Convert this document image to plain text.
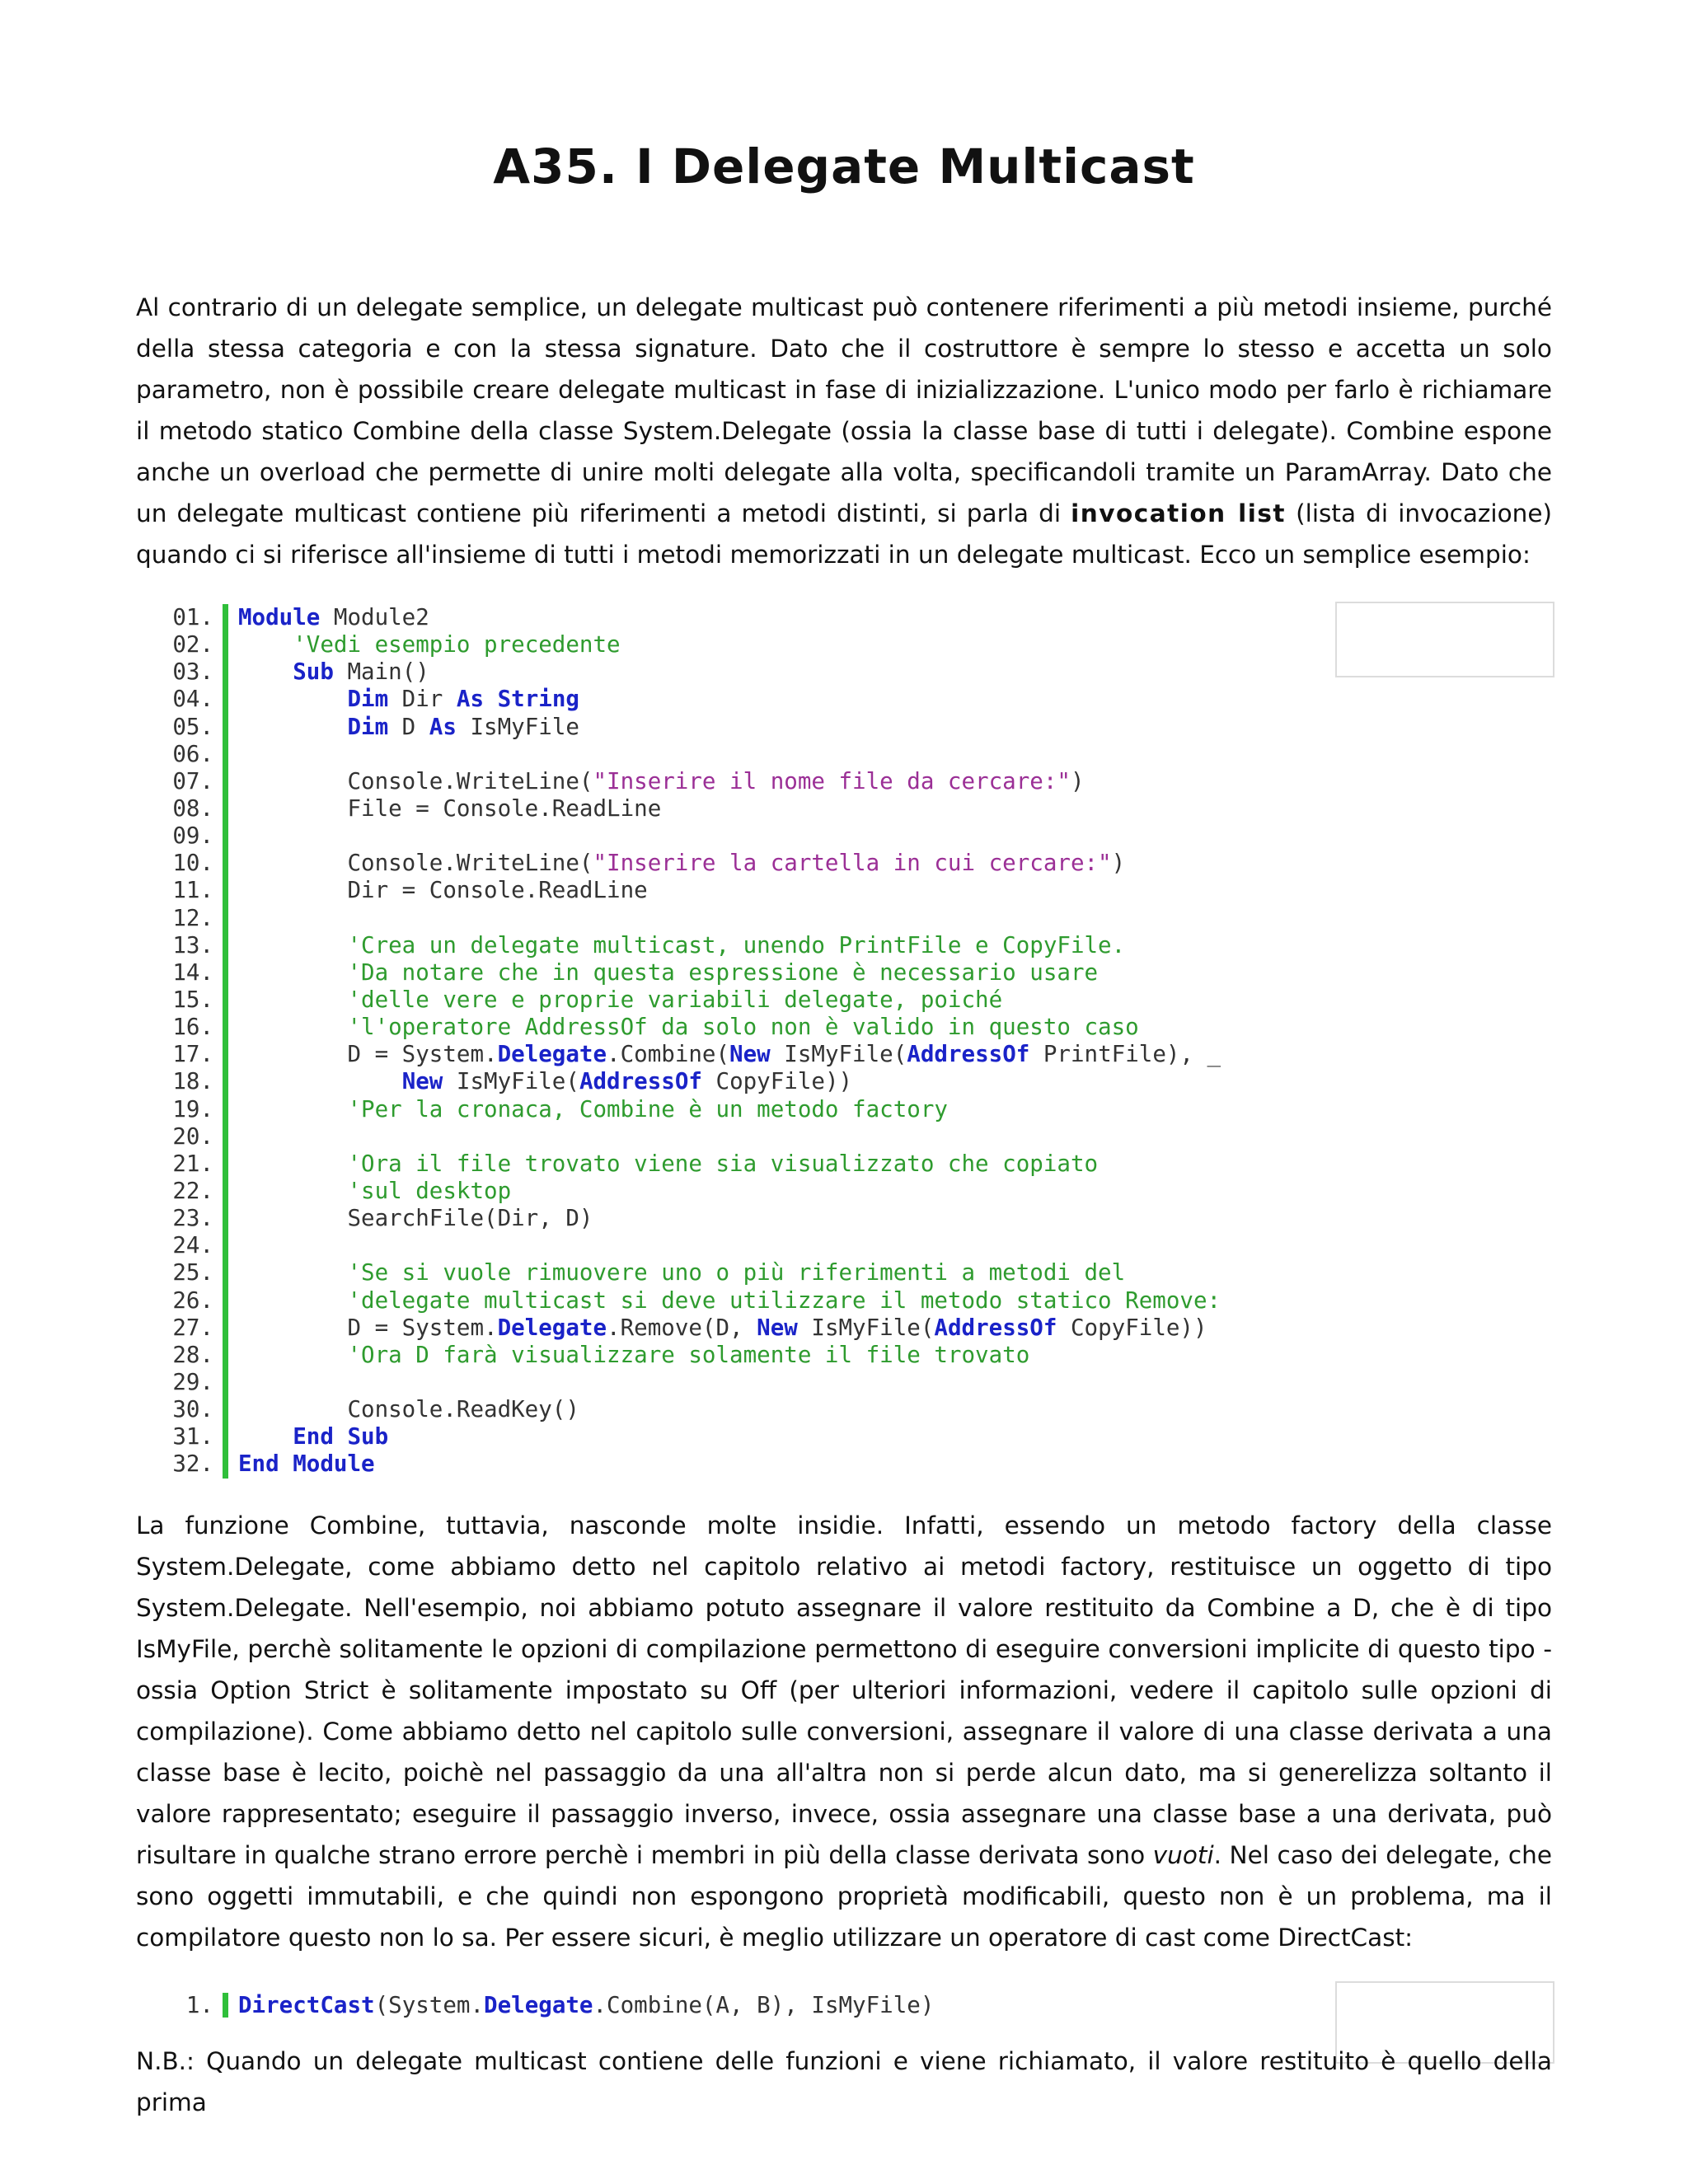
A35. I Delegate Multicast

Al contrario di un delegate semplice, un delegate multicast può contenere riferimenti a più metodi insieme, purché della stessa categoria e con la stessa signature. Dato che il costruttore è sempre lo stesso e accetta un solo parametro, non è possibile creare delegate multicast in fase di inizializzazione. L'unico modo per farlo è richiamare il metodo statico Combine della classe System.Delegate (ossia la classe base di tutti i delegate). Combine espone anche un overload che permette di unire molti delegate alla volta, specificandoli tramite un ParamArray. Dato che un delegate multicast contiene più riferimenti a metodi distinti, si parla di invocation list (lista di invocazione) quando ci si riferisce all'insieme di tutti i metodi memorizzati in un delegate multicast. Ecco un semplice esempio:

01. Module Module2
02.	'Vedi esempio precedente
03.	Sub Main()
04.	Dim Dir As String
05.	Dim D As IsMyFile
06.
07.	Console.WriteLine("Inserire il nome file da cercare:")
08.	File = Console.ReadLine
09.
10.	Console.WriteLine("Inserire la cartella in cui cercare:")
11.	Dir = Console.ReadLine
12.
13.	'Crea un delegate multicast, unendo PrintFile e CopyFile.
14.	'Da notare che in questa espressione è necessario usare
15.	'delle vere e proprie variabili delegate, poiché
16.	'l'operatore AddressOf da solo non è valido in questo caso
17.	D = System.Delegate.Combine(New IsMyFile(AddressOf PrintFile), _
18.	New IsMyFile(AddressOf CopyFile))
19.	'Per la cronaca, Combine è un metodo factory
20.
21.	'Ora il file trovato viene sia visualizzato che copiato
22.	'sul desktop
23.	SearchFile(Dir, D)
24.
25.	'Se si vuole rimuovere uno o più riferimenti a metodi del
26.	'delegate multicast si deve utilizzare il metodo statico Remove:
27.	D = System.Delegate.Remove(D, New IsMyFile(AddressOf CopyFile))
28.	'Ora D farà visualizzare solamente il file trovato
29.
30.	Console.ReadKey()
31.	End Sub
32. End Module

La funzione Combine, tuttavia, nasconde molte insidie. Infatti, essendo un metodo factory della classe System.Delegate, come abbiamo detto nel capitolo relativo ai metodi factory, restituisce un oggetto di tipo System.Delegate. Nell'esempio, noi abbiamo potuto assegnare il valore restituito da Combine a D, che è di tipo IsMyFile, perchè solitamente le opzioni di compilazione permettono di eseguire conversioni implicite di questo tipo - ossia Option Strict è solitamente impostato su Off (per ulteriori informazioni, vedere il capitolo sulle opzioni di compilazione). Come abbiamo detto nel capitolo sulle conversioni, assegnare il valore di una classe derivata a una classe base è lecito, poichè nel passaggio da una all'altra non si perde alcun dato, ma si generelizza soltanto il valore rappresentato; eseguire il passaggio inverso, invece, ossia assegnare una classe base a una derivata, può risultare in qualche strano errore perchè i membri in più della classe derivata sono vuoti. Nel caso dei delegate, che sono oggetti immutabili, e che quindi non espongono proprietà modificabili, questo non è un problema, ma il compilatore questo non lo sa. Per essere sicuri, è meglio utilizzare un operatore di cast come DirectCast:

1. DirectCast(System.Delegate.Combine(A, B), IsMyFile)

N.B.: Quando un delegate multicast contiene delle funzioni e viene richiamato, il valore restituito è quello della prima
